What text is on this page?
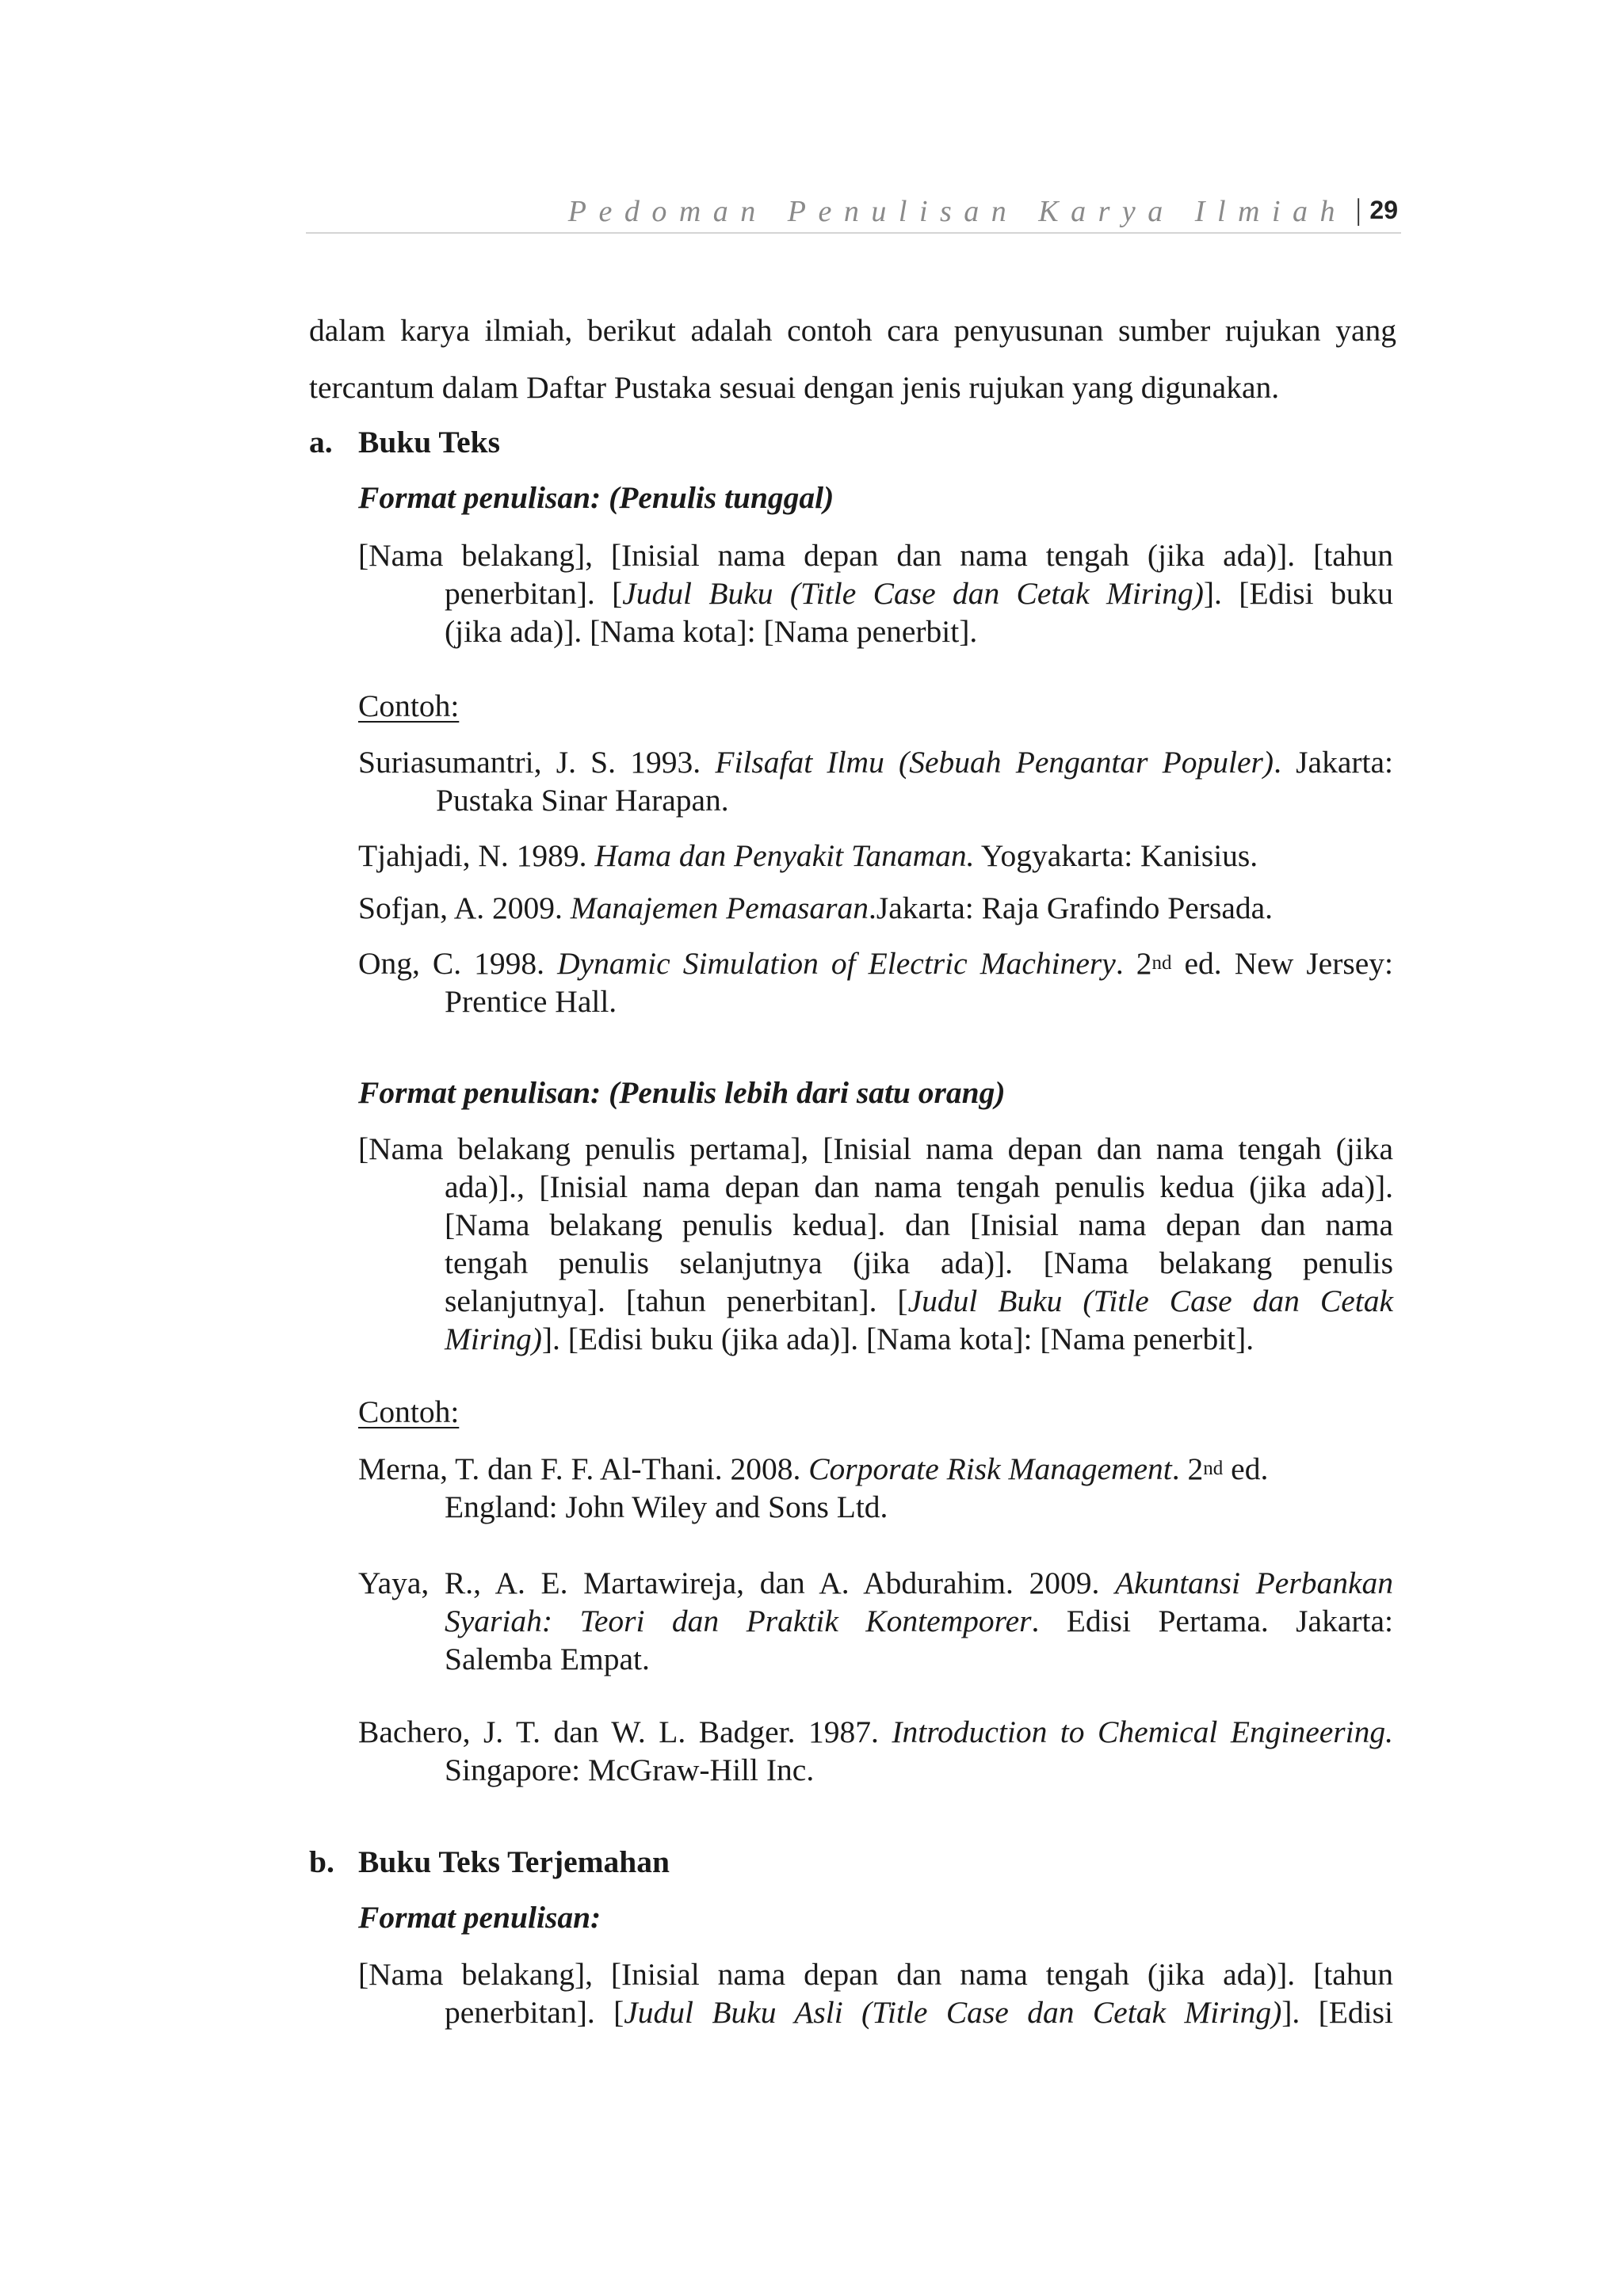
Pedoman Penulisan Karya Ilmiah | 29
dalam karya ilmiah, berikut adalah contoh cara penyusunan sumber rujukan yang
tercantum dalam Daftar Pustaka sesuai dengan jenis rujukan yang digunakan.
a. Buku Teks
Format penulisan: (Penulis tunggal)
[Nama belakang], [Inisial nama depan dan nama tengah (jika ada)]. [tahun
penerbitan]. [Judul Buku (Title Case dan Cetak Miring)]. [Edisi buku
(jika ada)]. [Nama kota]: [Nama penerbit].
Contoh:
Suriasumantri, J. S. 1993. Filsafat Ilmu (Sebuah Pengantar Populer). Jakarta:
Pustaka Sinar Harapan.
Tjahjadi, N. 1989. Hama dan Penyakit Tanaman. Yogyakarta: Kanisius.
Sofjan, A. 2009. Manajemen Pemasaran.Jakarta: Raja Grafindo Persada.
Ong, C. 1998. Dynamic Simulation of Electric Machinery. 2nd ed. New Jersey:
Prentice Hall.
Format penulisan: (Penulis lebih dari satu orang)
[Nama belakang penulis pertama], [Inisial nama depan dan nama tengah (jika
ada)]., [Inisial nama depan dan nama tengah penulis kedua (jika ada)].
[Nama belakang penulis kedua]. dan [Inisial nama depan dan nama
tengah penulis selanjutnya (jika ada)]. [Nama belakang penulis
selanjutnya]. [tahun penerbitan]. [Judul Buku (Title Case dan Cetak
Miring)]. [Edisi buku (jika ada)]. [Nama kota]: [Nama penerbit].
Contoh:
Merna, T. dan F. F. Al-Thani. 2008. Corporate Risk Management. 2nd ed.
England: John Wiley and Sons Ltd.
Yaya, R., A. E. Martawireja, dan A. Abdurahim. 2009. Akuntansi Perbankan
Syariah: Teori dan Praktik Kontemporer. Edisi Pertama. Jakarta:
Salemba Empat.
Bachero, J. T. dan W. L. Badger. 1987. Introduction to Chemical Engineering.
Singapore: McGraw-Hill Inc.
b. Buku Teks Terjemahan
Format penulisan:
[Nama belakang], [Inisial nama depan dan nama tengah (jika ada)]. [tahun
penerbitan]. [Judul Buku Asli (Title Case dan Cetak Miring)]. [Edisi
